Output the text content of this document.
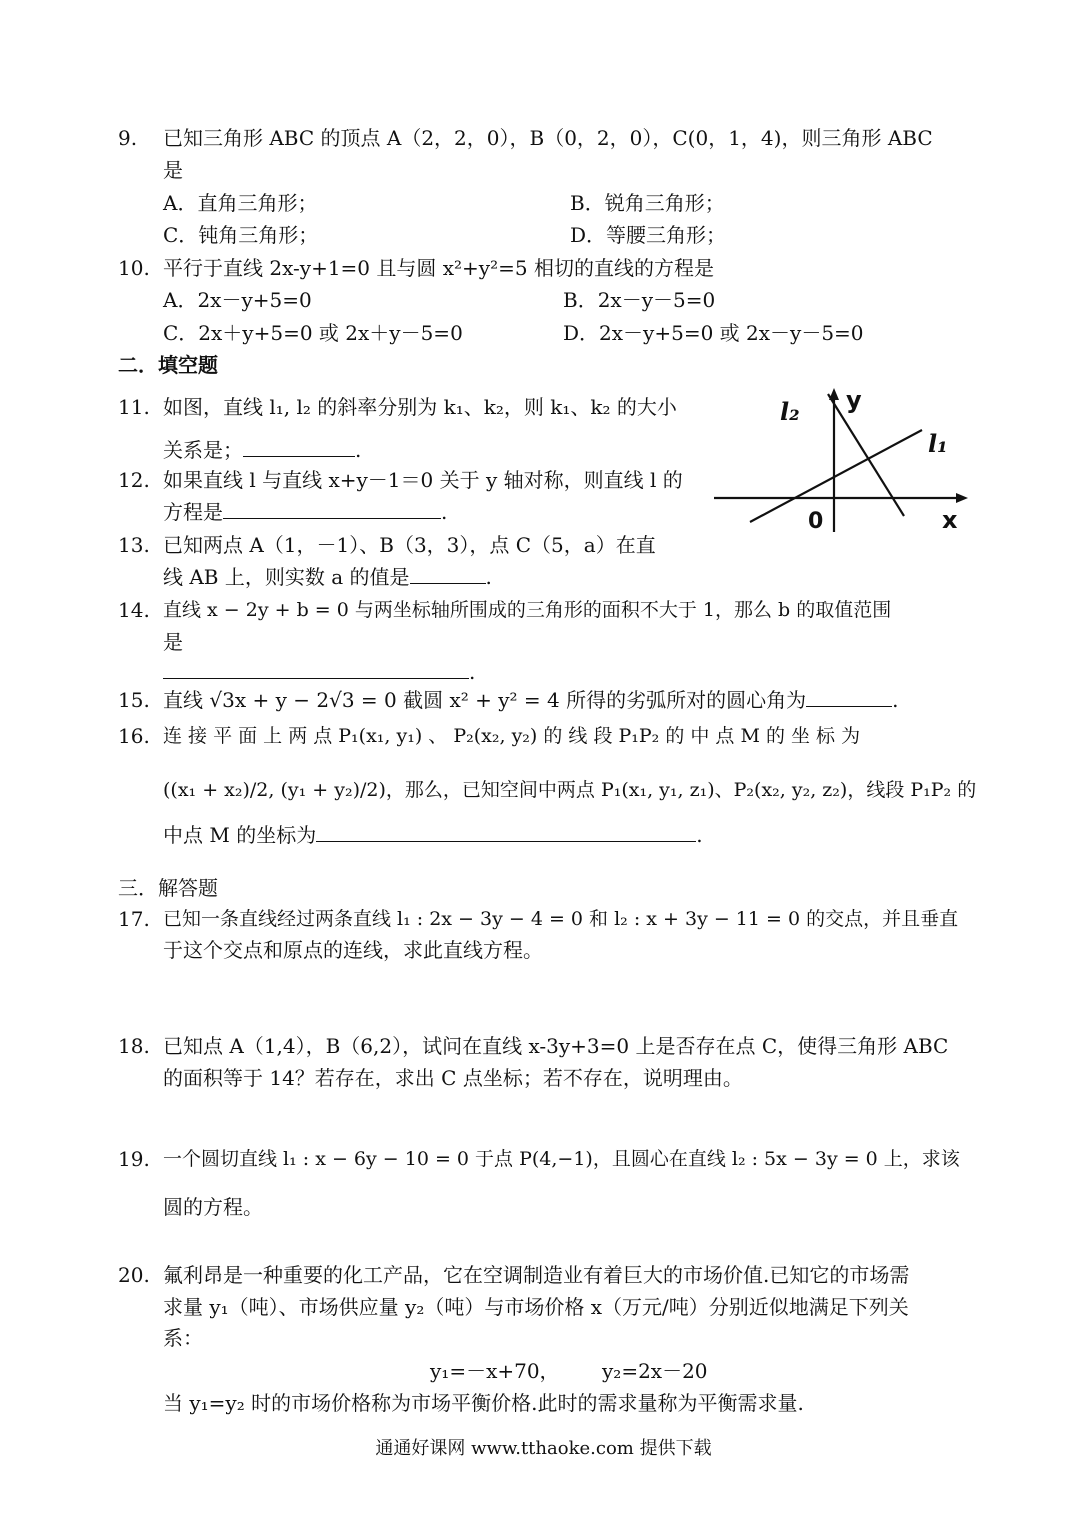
9. 已知三角形 ABC 的顶点 A（2，2，0），B（0，2，0），C(0，1，4)，则三角形 ABC
是
A．直角三角形；	B．锐角三角形；
C．钝角三角形；	D．等腰三角形；
10. 平行于直线 2x-y+1=0 且与圆 x²+y²=5 相切的直线的方程是
A．2x－y+5=0	B．2x－y－5=0
C．2x＋y+5=0 或 2x＋y－5=0	D．2x－y+5=0 或 2x－y－5=0
二．填空题
11. 如图，直线 l₁, l₂ 的斜率分别为 k₁、k₂，则 k₁、k₂ 的大小
关系是；	.
l₂ y
l₁
0	x
12. 如果直线 l 与直线 x+y－1＝0 关于 y 轴对称，则直线 l 的
方程是	.
13. 已知两点 A（1，－1）、B（3，3），点 C（5，a）在直
线 AB 上，则实数 a 的值是	.
14. 直线 x − 2y + b = 0 与两坐标轴所围成的三角形的面积不大于 1，那么 b 的取值范围
是
.
15. 直线 √3x + y − 2√3 = 0 截圆 x² + y² = 4 所得的劣弧所对的圆心角为	.
16. 连 接 平 面 上 两 点 P₁(x₁, y₁) 、 P₂(x₂, y₂) 的 线 段 P₁P₂ 的 中 点 M 的 坐 标 为
((x₁ + x₂)/2, (y₁ + y₂)/2)，那么，已知空间中两点 P₁(x₁, y₁, z₁)、P₂(x₂, y₂, z₂)，线段 P₁P₂ 的
中点 M 的坐标为	.
三．解答题
17. 已知一条直线经过两条直线 l₁ : 2x − 3y − 4 = 0 和 l₂ : x + 3y − 11 = 0 的交点，并且垂直
于这个交点和原点的连线，求此直线方程。
18. 已知点 A（1,4），B（6,2），试问在直线 x-3y+3=0 上是否存在点 C，使得三角形 ABC
的面积等于 14？若存在，求出 C 点坐标；若不存在，说明理由。
19. 一个圆切直线 l₁ : x − 6y − 10 = 0 于点 P(4,−1)，且圆心在直线 l₂ : 5x − 3y = 0 上，求该
圆的方程。
20. 氟利昂是一种重要的化工产品，它在空调制造业有着巨大的市场价值.已知它的市场需
求量 y₁（吨）、市场供应量 y₂（吨）与市场价格 x（万元/吨）分别近似地满足下列关
系：
y₁=－x+70， y₂=2x－20
当 y₁=y₂ 时的市场价格称为市场平衡价格.此时的需求量称为平衡需求量.
通通好课网 www.tthaoke.com 提供下载
